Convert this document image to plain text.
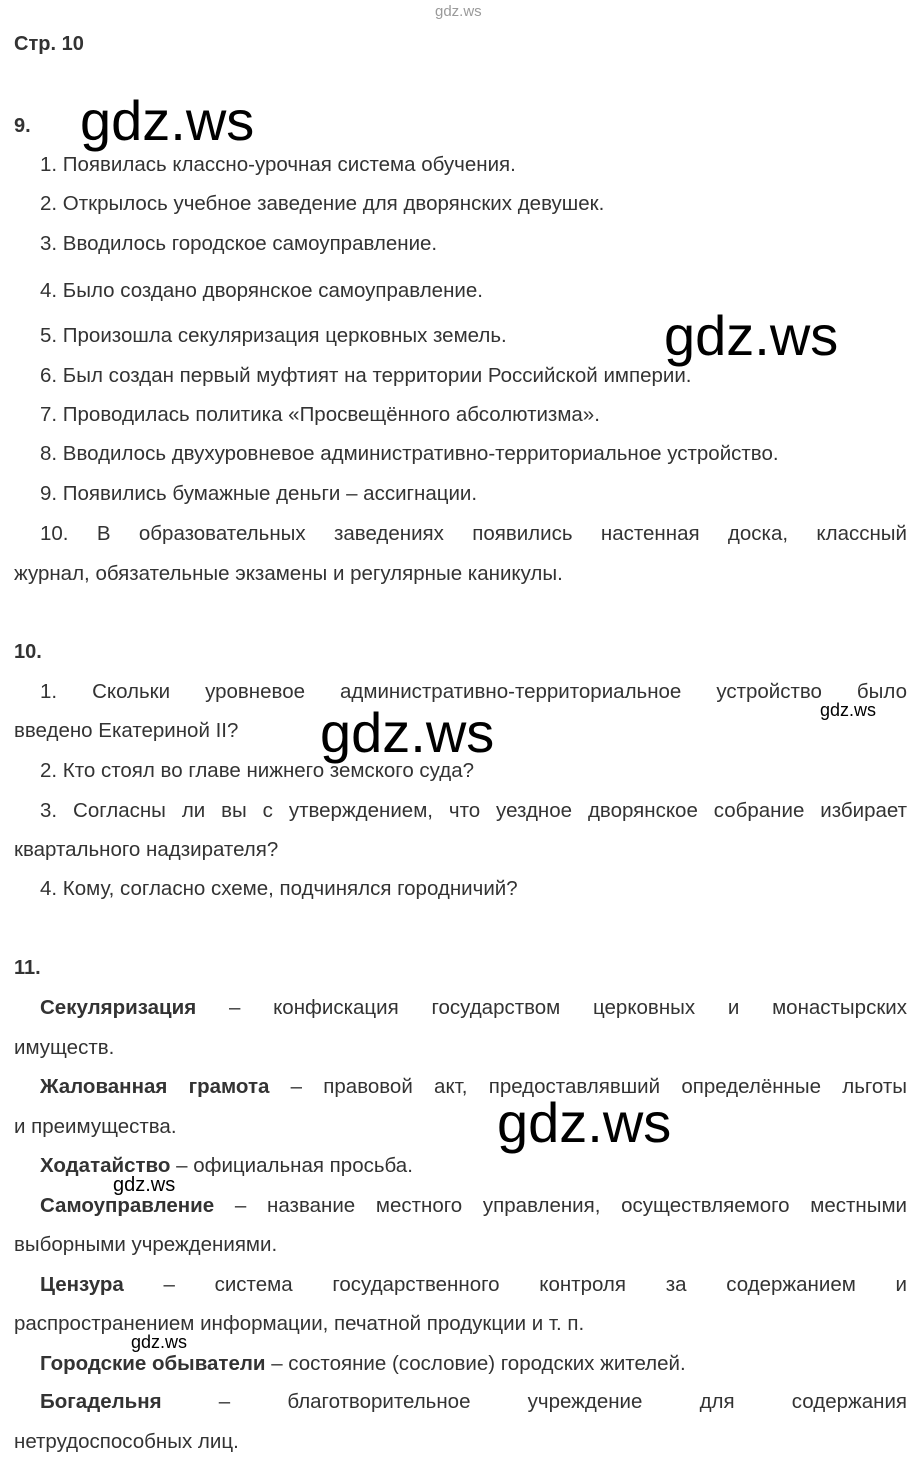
gdz.ws
Стр. 10
9.
1. Появилась классно-урочная система обучения.
2. Открылось учебное заведение для дворянских девушек.
3. Вводилось городское самоуправление.
4. Было создано дворянское самоуправление.
5. Произошла секуляризация церковных земель.
6. Был создан первый муфтият на территории Российской империи.
7. Проводилась политика «Просвещённого абсолютизма».
8. Вводилось двухуровневое административно-территориальное устройство.
9. Появились бумажные деньги – ассигнации.
10. В образовательных заведениях появились настенная доска, классный
журнал, обязательные экзамены и регулярные каникулы.
10.
1. Скольки уровневое административно-территориальное устройство было
введено Екатериной II?
2. Кто стоял во главе нижнего земского суда?
3. Согласны ли вы с утверждением, что уездное дворянское собрание избирает
квартального надзирателя?
4. Кому, согласно схеме, подчинялся городничий?
11.
Секуляризация – конфискация государством церковных и монастырских
имуществ.
Жалованная грамота – правовой акт, предоставлявший определённые льготы
и преимущества.
Ходатайство – официальная просьба.
Самоуправление – название местного управления, осуществляемого местными
выборными учреждениями.
Цензура – система государственного контроля за содержанием и
распространением информации, печатной продукции и т. п.
Городские обыватели – состояние (сословие) городских жителей.
Богадельня – благотворительное учреждение для содержания
нетрудоспособных лиц.
gdz.ws
gdz.ws
gdz.ws
gdz.ws
gdz.ws
gdz.ws
gdz.ws
